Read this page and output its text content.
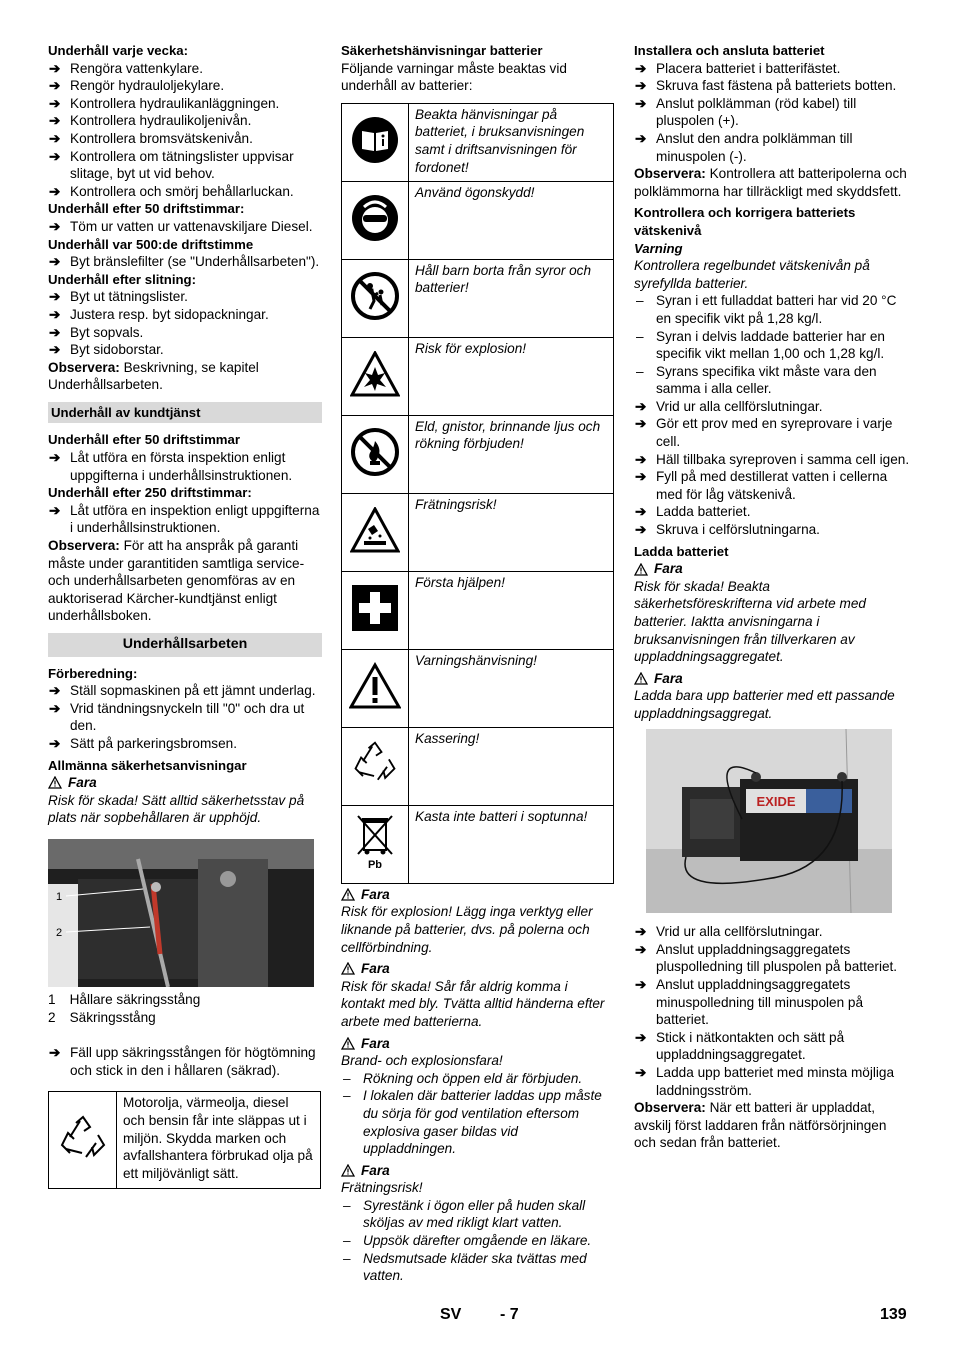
Underhåll varje vecka:
➔ Rengöra vattenkylare.
➔ Rengör hydrauloljekylare.
➔ Kontrollera hydraulikanläggningen.
➔ Kontrollera hydraulikoljenivån.
➔ Kontrollera bromsvätskenivån.
➔ Kontrollera om tätningslister uppvisar slitage, byt ut vid behov.
➔ Kontrollera och smörj behållarluckan.
Underhåll efter 50 driftstimmar:
➔ Töm ur vatten ur vattenavskiljare Diesel.
Underhåll var 500:de driftstimme
➔ Byt bränslefilter (se "Underhållsarbeten").
Underhåll efter slitning:
➔ Byt ut tätningslister.
➔ Justera resp. byt sidopackningar.
➔ Byt sopvals.
➔ Byt sidoborstar.
Observera: Beskrivning, se kapitel Underhållsarbeten.
Underhåll av kundtjänst
Underhåll efter 50 driftstimmar
➔ Låt utföra en första inspektion enligt uppgifterna i underhållsinstruktionen.
Underhåll efter 250 driftstimmar:
➔ Låt utföra en inspektion enligt uppgifterna i underhållsinstruktionen.
Observera: För att ha anspråk på garanti måste under garantitiden samtliga service- och underhållsarbeten genomföras av en auktoriserad Kärcher-kundtjänst enligt underhållsboken.
Underhållsarbeten
Förberedning:
➔ Ställ sopmaskinen på ett jämnt underlag.
➔ Vrid tändningsnyckeln till "0" och dra ut den.
➔ Sätt på parkeringsbromsen.
Allmänna säkerhetsanvisningar
Fara
Risk för skada! Sätt alltid säkerhetsstav på plats när sopbehållaren är upphöjd.
1
2
1 Hållare säkringsstång
2 Säkringsstång
➔ Fäll upp säkringsstången för högtömning och stick in den i hållaren (säkrad).
Motorolja, värmeolja, diesel och bensin får inte släppas ut i miljön. Skydda marken och avfallshantera förbrukad olja på ett miljövänligt sätt.
Säkerhetshänvisningar batterier
Följande varningar måste beaktas vid underhåll av batterier:
	Beakta hänvisningar på batteriet, i bruksanvisningen samt i driftsanvisningen för fordonet!
	Använd ögonskydd!
	Håll barn borta från syror och batterier!
	Risk för explosion!
	Eld, gnistor, brinnande ljus och rökning förbjuden!
	Frätningsrisk!
	Första hjälpen!
	Varningshänvisning!
	Kassering!

Pb	Kasta inte batteri i soptunna!
Fara
Risk för explosion! Lägg inga verktyg eller liknande på batterier, dvs. på polerna och cellförbindning.
Fara
Risk för skada! Sår får aldrig komma i kontakt med bly. Tvätta alltid händerna efter arbete med batterierna.
Fara
Brand- och explosionsfara!
– Rökning och öppen eld är förbjuden.
– I lokalen där batterier laddas upp måste du sörja för god ventilation eftersom explosiva gaser bildas vid uppladdningen.
Fara
Frätningsrisk!
– Syrestänk i ögon eller på huden skall sköljas av med rikligt klart vatten.
– Uppsök därefter omgående en läkare.
– Nedsmutsade kläder ska tvättas med vatten.
Installera och ansluta batteriet
➔ Placera batteriet i batterifästet.
➔ Skruva fast fästena på batteriets botten.
➔ Anslut polklämman (röd kabel) till pluspolen (+).
➔ Anslut den andra polklämman till minuspolen (-).
Observera: Kontrollera att batteripolerna och polklämmorna har tillräckligt med skyddsfett.
Kontrollera och korrigera batteriets vätskenivå
Varning
Kontrollera regelbundet vätskenivån på syrefyllda batterier.
– Syran i ett fulladdat batteri har vid 20 °C en specifik vikt på 1,28 kg/l.
– Syran i delvis laddade batterier har en specifik vikt mellan 1,00 och 1,28 kg/l.
– Syrans specifika vikt måste vara den samma i alla celler.
➔ Vrid ur alla cellförslutningar.
➔ Gör ett prov med en syreprovare i varje cell.
➔ Häll tillbaka syreproven i samma cell igen.
➔ Fyll på med destillerat vatten i cellerna med för låg vätskenivå.
➔ Ladda batteriet.
➔ Skruva i celförslutningarna.
Ladda batteriet
Fara
Risk för skada! Beakta säkerhetsföreskrifterna vid arbete med batterier. Iaktta anvisningarna i bruksanvisningen från tillverkaren av uppladdningsaggregatet.
Fara
Ladda bara upp batterier med ett passande uppladdningsaggregat.
EXIDE
➔ Vrid ur alla cellförslutningar.
➔ Anslut uppladdningsaggregatets pluspolledning till pluspolen på batteriet.
➔ Anslut uppladdningsaggregatets minuspolledning till minuspolen på batteriet.
➔ Stick i nätkontakten och sätt på uppladdningsaggregatet.
➔ Ladda upp batteriet med minsta möjliga laddningsström.
Observera: När ett batteri är uppladdat, avskilj först laddaren från nätförsörjningen och sedan från batteriet.
SV - 7	139
